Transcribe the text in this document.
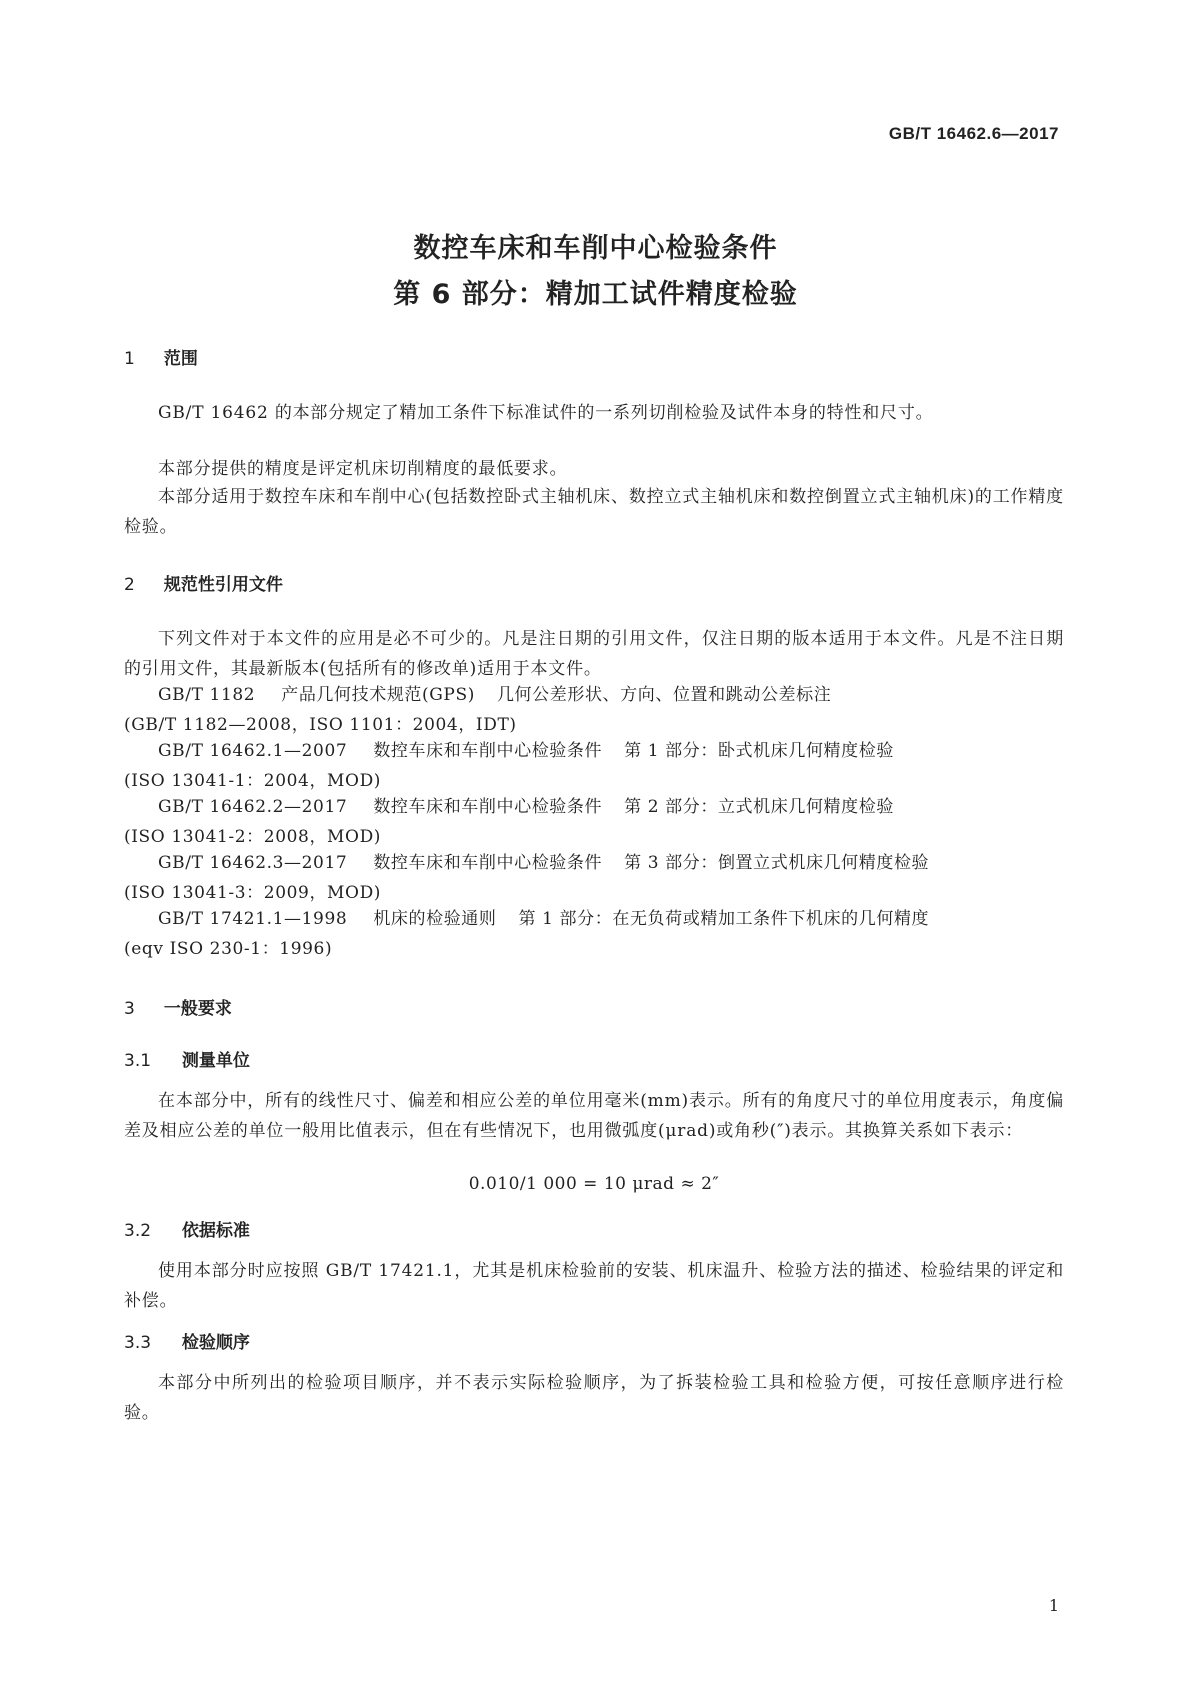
GB/T 16462.6—2017
数控车床和车削中心检验条件
第 6 部分：精加工试件精度检验
1 范围
GB/T 16462 的本部分规定了精加工条件下标准试件的一系列切削检验及试件本身的特性和尺寸。
本部分提供的精度是评定机床切削精度的最低要求。
本部分适用于数控车床和车削中心(包括数控卧式主轴机床、数控立式主轴机床和数控倒置立式主轴机床)的工作精度检验。
2 规范性引用文件
下列文件对于本文件的应用是必不可少的。凡是注日期的引用文件，仅注日期的版本适用于本文件。凡是不注日期的引用文件，其最新版本(包括所有的修改单)适用于本文件。
GB/T 1182 产品几何技术规范(GPS) 几何公差形状、方向、位置和跳动公差标注
(GB/T 1182—2008，ISO 1101：2004，IDT)
GB/T 16462.1—2007 数控车床和车削中心检验条件 第 1 部分：卧式机床几何精度检验
(ISO 13041-1：2004，MOD)
GB/T 16462.2—2017 数控车床和车削中心检验条件 第 2 部分：立式机床几何精度检验
(ISO 13041-2：2008，MOD)
GB/T 16462.3—2017 数控车床和车削中心检验条件 第 3 部分：倒置立式机床几何精度检验
(ISO 13041-3：2009，MOD)
GB/T 17421.1—1998 机床的检验通则 第 1 部分：在无负荷或精加工条件下机床的几何精度
(eqv ISO 230-1：1996)
3 一般要求
3.1 测量单位
在本部分中，所有的线性尺寸、偏差和相应公差的单位用毫米(mm)表示。所有的角度尺寸的单位用度表示，角度偏差及相应公差的单位一般用比值表示，但在有些情况下，也用微弧度(μrad)或角秒(″)表示。其换算关系如下表示：
0.010/1 000 = 10 μrad ≈ 2″
3.2 依据标准
使用本部分时应按照 GB/T 17421.1，尤其是机床检验前的安装、机床温升、检验方法的描述、检验结果的评定和补偿。
3.3 检验顺序
本部分中所列出的检验项目顺序，并不表示实际检验顺序，为了拆装检验工具和检验方便，可按任意顺序进行检验。
1
